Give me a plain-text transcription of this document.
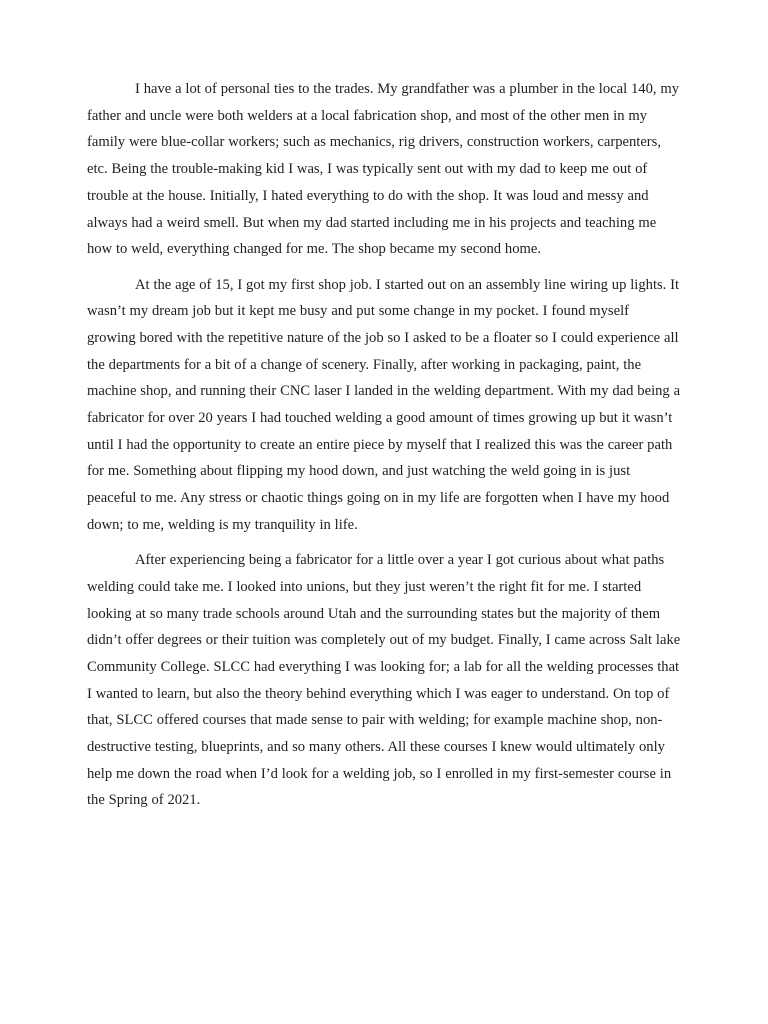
I have a lot of personal ties to the trades. My grandfather was a plumber in the local 140, my father and uncle were both welders at a local fabrication shop, and most of the other men in my family were blue-collar workers; such as mechanics, rig drivers, construction workers, carpenters, etc. Being the trouble-making kid I was, I was typically sent out with my dad to keep me out of trouble at the house. Initially, I hated everything to do with the shop. It was loud and messy and always had a weird smell. But when my dad started including me in his projects and teaching me how to weld, everything changed for me. The shop became my second home.

At the age of 15, I got my first shop job. I started out on an assembly line wiring up lights. It wasn’t my dream job but it kept me busy and put some change in my pocket. I found myself growing bored with the repetitive nature of the job so I asked to be a floater so I could experience all the departments for a bit of a change of scenery. Finally, after working in packaging, paint, the machine shop, and running their CNC laser I landed in the welding department. With my dad being a fabricator for over 20 years I had touched welding a good amount of times growing up but it wasn’t until I had the opportunity to create an entire piece by myself that I realized this was the career path for me. Something about flipping my hood down, and just watching the weld going in is just peaceful to me. Any stress or chaotic things going on in my life are forgotten when I have my hood down; to me, welding is my tranquility in life.

After experiencing being a fabricator for a little over a year I got curious about what paths welding could take me. I looked into unions, but they just weren’t the right fit for me. I started looking at so many trade schools around Utah and the surrounding states but the majority of them didn’t offer degrees or their tuition was completely out of my budget. Finally, I came across Salt lake Community College. SLCC had everything I was looking for; a lab for all the welding processes that I wanted to learn, but also the theory behind everything which I was eager to understand. On top of that, SLCC offered courses that made sense to pair with welding; for example machine shop, non-destructive testing, blueprints, and so many others. All these courses I knew would ultimately only help me down the road when I’d look for a welding job, so I enrolled in my first-semester course in the Spring of 2021.
